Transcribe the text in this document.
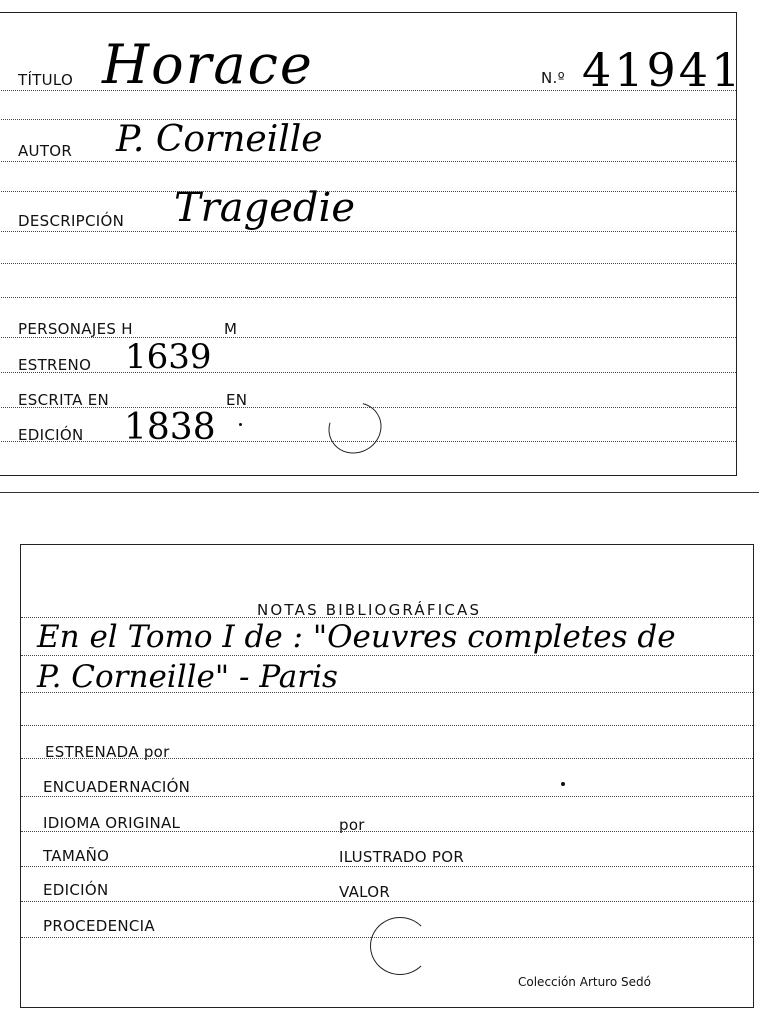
TÍTULO Horace	N.º 41941
AUTOR P. Corneille
DESCRIPCIÓN Tragedie
PERSONAJES H	M
ESTRENO 1639
ESCRITA EN	EN
EDICIÓN 1838
NOTAS BIBLIOGRÁFICAS
En el Tomo I de : "Oeuvres completes de
P. Corneille" - Paris
ESTRENADA por
ENCUADERNACIÓN
IDIOMA ORIGINAL	por
TAMAÑO	ILUSTRADO POR
EDICIÓN	VALOR
PROCEDENCIA
Colección Arturo Sedó
